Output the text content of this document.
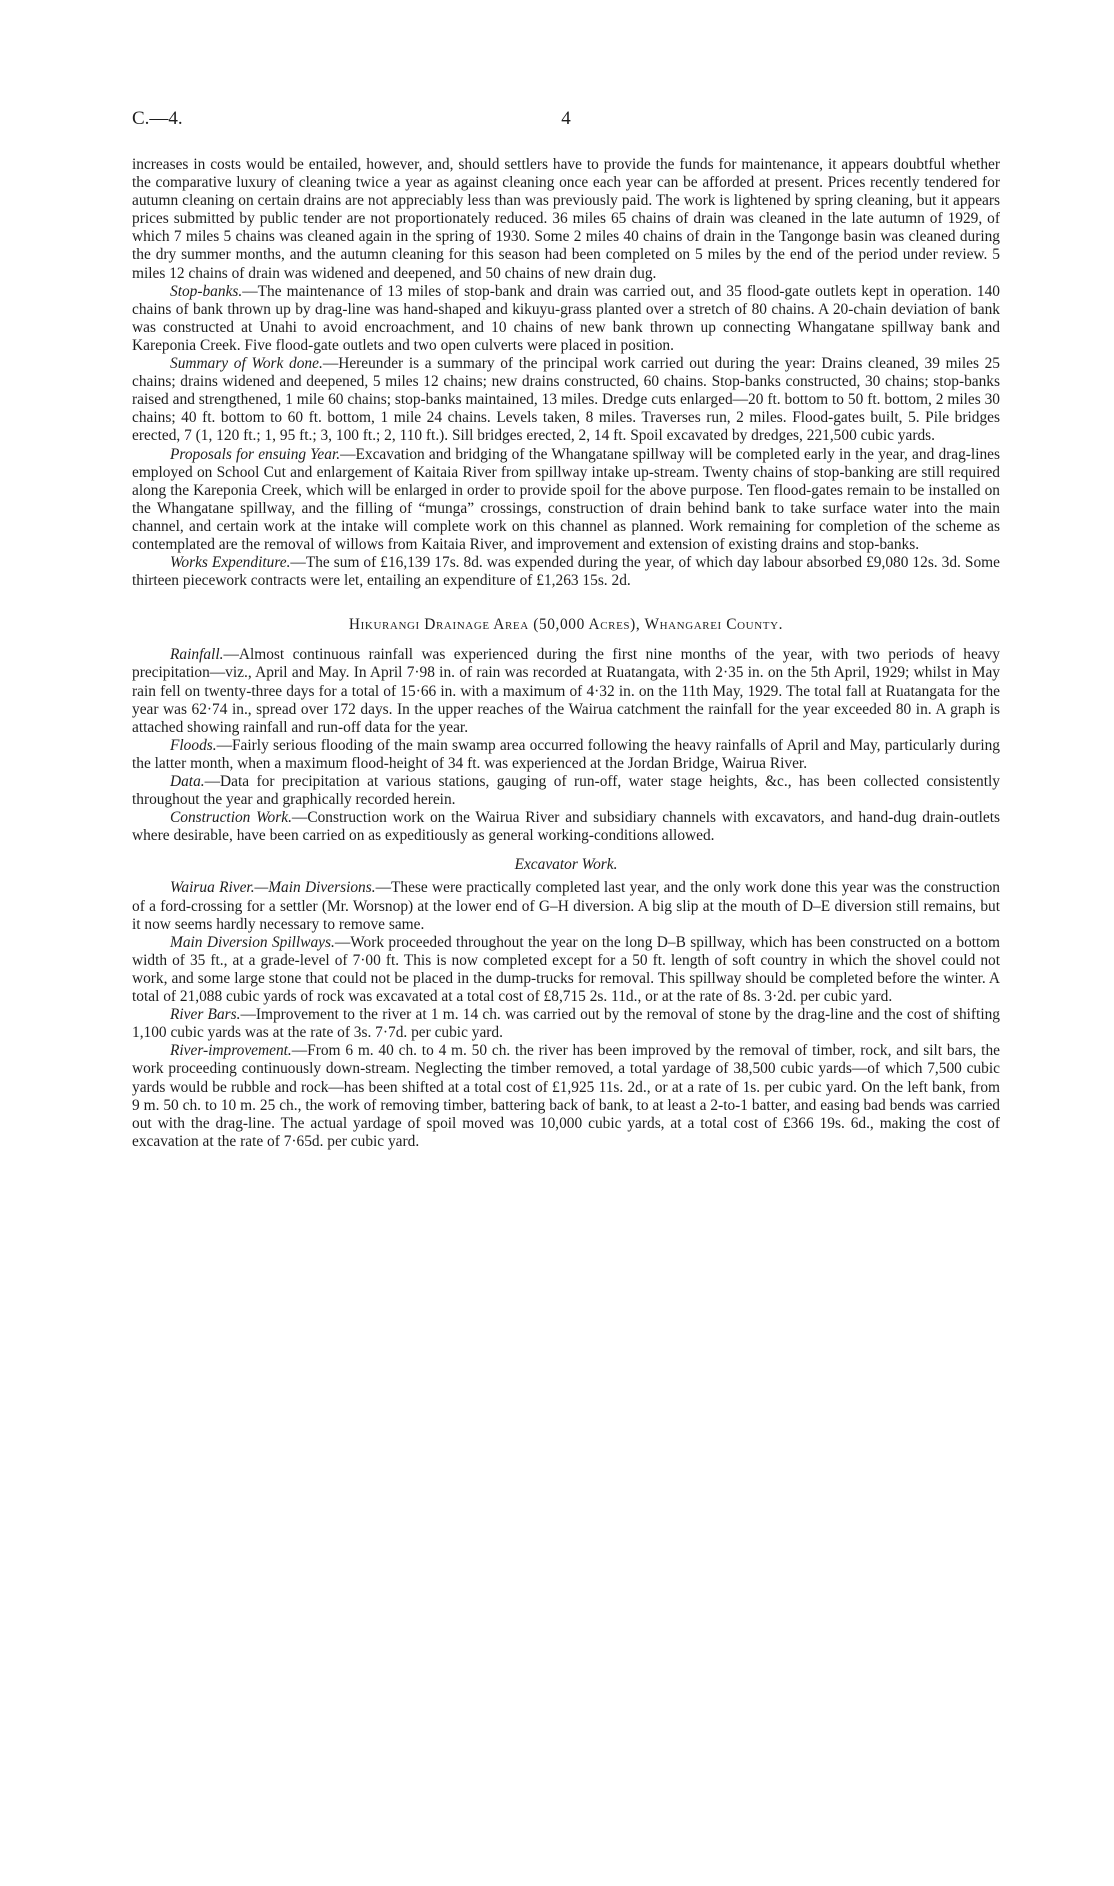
C.—4.	4

increases in costs would be entailed, however, and, should settlers have to provide the funds for maintenance, it appears doubtful whether the comparative luxury of cleaning twice a year as against cleaning once each year can be afforded at present. Prices recently tendered for autumn cleaning on certain drains are not appreciably less than was previously paid. The work is lightened by spring cleaning, but it appears prices submitted by public tender are not proportionately reduced. 36 miles 65 chains of drain was cleaned in the late autumn of 1929, of which 7 miles 5 chains was cleaned again in the spring of 1930. Some 2 miles 40 chains of drain in the Tangonge basin was cleaned during the dry summer months, and the autumn cleaning for this season had been completed on 5 miles by the end of the period under review. 5 miles 12 chains of drain was widened and deepened, and 50 chains of new drain dug.

Stop-banks.—The maintenance of 13 miles of stop-bank and drain was carried out, and 35 flood-gate outlets kept in operation. 140 chains of bank thrown up by drag-line was hand-shaped and kikuyu-grass planted over a stretch of 80 chains. A 20-chain deviation of bank was constructed at Unahi to avoid encroachment, and 10 chains of new bank thrown up connecting Whangatane spillway bank and Kareponia Creek. Five flood-gate outlets and two open culverts were placed in position.

Summary of Work done.—Hereunder is a summary of the principal work carried out during the year: Drains cleaned, 39 miles 25 chains; drains widened and deepened, 5 miles 12 chains; new drains constructed, 60 chains. Stop-banks constructed, 30 chains; stop-banks raised and strengthened, 1 mile 60 chains; stop-banks maintained, 13 miles. Dredge cuts enlarged—20 ft. bottom to 50 ft. bottom, 2 miles 30 chains; 40 ft. bottom to 60 ft. bottom, 1 mile 24 chains. Levels taken, 8 miles. Traverses run, 2 miles. Flood-gates built, 5. Pile bridges erected, 7 (1, 120 ft.; 1, 95 ft.; 3, 100 ft.; 2, 110 ft.). Sill bridges erected, 2, 14 ft. Spoil excavated by dredges, 221,500 cubic yards.

Proposals for ensuing Year.—Excavation and bridging of the Whangatane spillway will be completed early in the year, and drag-lines employed on School Cut and enlargement of Kaitaia River from spillway intake up-stream. Twenty chains of stop-banking are still required along the Kareponia Creek, which will be enlarged in order to provide spoil for the above purpose. Ten flood-gates remain to be installed on the Whangatane spillway, and the filling of “munga” crossings, construction of drain behind bank to take surface water into the main channel, and certain work at the intake will complete work on this channel as planned. Work remaining for completion of the scheme as contemplated are the removal of willows from Kaitaia River, and improvement and extension of existing drains and stop-banks.

Works Expenditure.—The sum of £16,139 17s. 8d. was expended during the year, of which day labour absorbed £9,080 12s. 3d. Some thirteen piecework contracts were let, entailing an expenditure of £1,263 15s. 2d.

Hikurangi Drainage Area (50,000 Acres), Whangarei County.

Rainfall.—Almost continuous rainfall was experienced during the first nine months of the year, with two periods of heavy precipitation—viz., April and May. In April 7·98 in. of rain was recorded at Ruatangata, with 2·35 in. on the 5th April, 1929; whilst in May rain fell on twenty-three days for a total of 15·66 in. with a maximum of 4·32 in. on the 11th May, 1929. The total fall at Ruatangata for the year was 62·74 in., spread over 172 days. In the upper reaches of the Wairua catchment the rainfall for the year exceeded 80 in. A graph is attached showing rainfall and run-off data for the year.

Floods.—Fairly serious flooding of the main swamp area occurred following the heavy rainfalls of April and May, particularly during the latter month, when a maximum flood-height of 34 ft. was experienced at the Jordan Bridge, Wairua River.

Data.—Data for precipitation at various stations, gauging of run-off, water stage heights, &c., has been collected consistently throughout the year and graphically recorded herein.

Construction Work.—Construction work on the Wairua River and subsidiary channels with excavators, and hand-dug drain-outlets where desirable, have been carried on as expeditiously as general working-conditions allowed.

Excavator Work.

Wairua River.—Main Diversions.—These were practically completed last year, and the only work done this year was the construction of a ford-crossing for a settler (Mr. Worsnop) at the lower end of G–H diversion. A big slip at the mouth of D–E diversion still remains, but it now seems hardly necessary to remove same.

Main Diversion Spillways.—Work proceeded throughout the year on the long D–B spillway, which has been constructed on a bottom width of 35 ft., at a grade-level of 7·00 ft. This is now completed except for a 50 ft. length of soft country in which the shovel could not work, and some large stone that could not be placed in the dump-trucks for removal. This spillway should be completed before the winter. A total of 21,088 cubic yards of rock was excavated at a total cost of £8,715 2s. 11d., or at the rate of 8s. 3·2d. per cubic yard.

River Bars.—Improvement to the river at 1 m. 14 ch. was carried out by the removal of stone by the drag-line and the cost of shifting 1,100 cubic yards was at the rate of 3s. 7·7d. per cubic yard.

River-improvement.—From 6 m. 40 ch. to 4 m. 50 ch. the river has been improved by the removal of timber, rock, and silt bars, the work proceeding continuously down-stream. Neglecting the timber removed, a total yardage of 38,500 cubic yards—of which 7,500 cubic yards would be rubble and rock—has been shifted at a total cost of £1,925 11s. 2d., or at a rate of 1s. per cubic yard. On the left bank, from 9 m. 50 ch. to 10 m. 25 ch., the work of removing timber, battering back of bank, to at least a 2-to-1 batter, and easing bad bends was carried out with the drag-line. The actual yardage of spoil moved was 10,000 cubic yards, at a total cost of £366 19s. 6d., making the cost of excavation at the rate of 7·65d. per cubic yard.
